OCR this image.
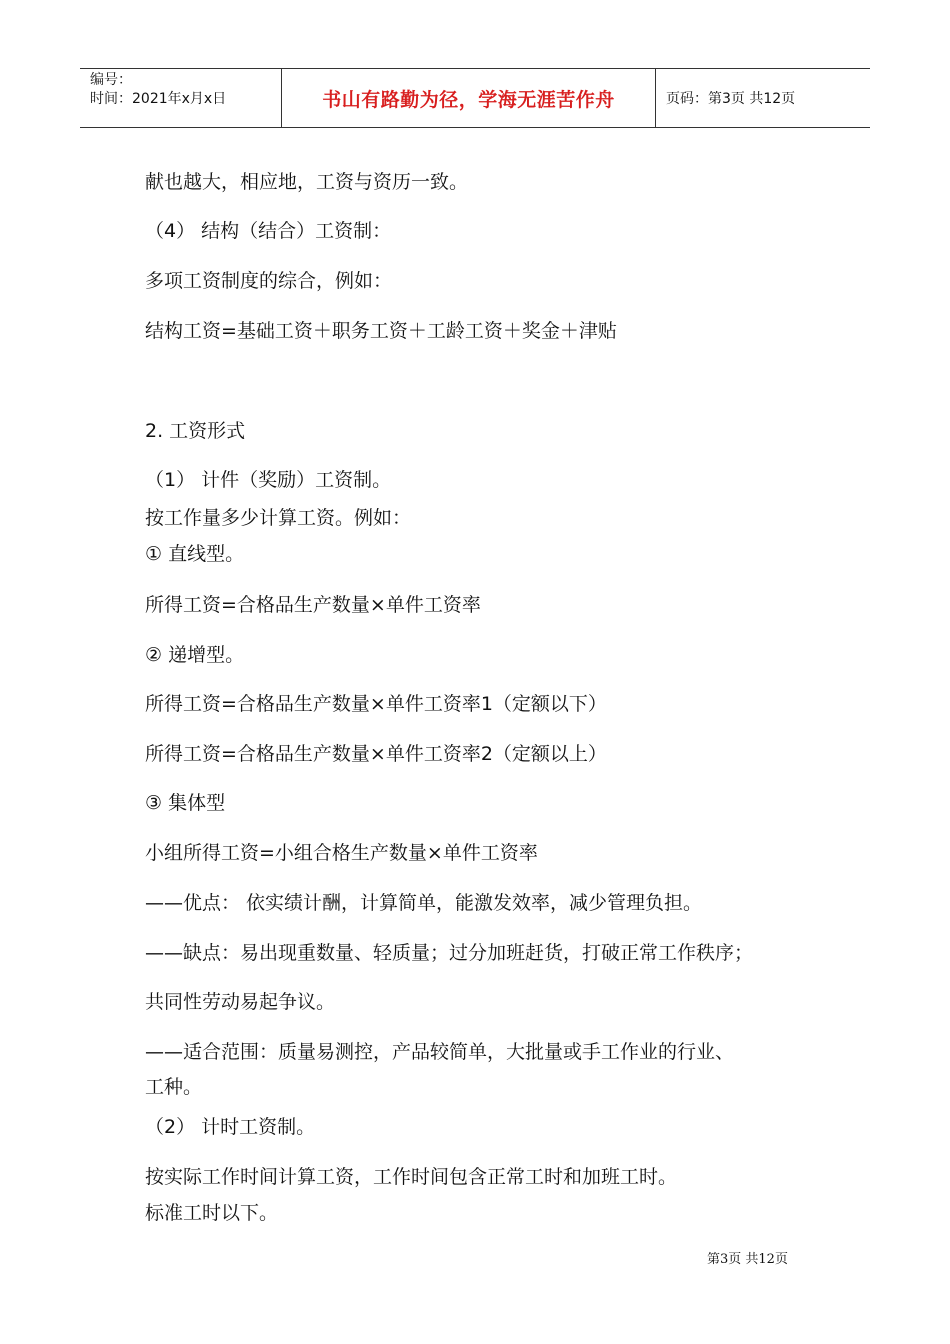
编号：
时间：2021年x月x日	书山有路勤为径，学海无涯苦作舟	页码：第3页 共12页
献也越大，相应地，工资与资历一致。
（4） 结构（结合）工资制：
多项工资制度的综合，例如：
结构工资=基础工资＋职务工资＋工龄工资＋奖金＋津贴
2. 工资形式
（1） 计件（奖励）工资制。
按工作量多少计算工资。例如：
① 直线型。
所得工资=合格品生产数量×单件工资率
② 递增型。
所得工资=合格品生产数量×单件工资率1（定额以下）
所得工资=合格品生产数量×单件工资率2（定额以上）
③ 集体型
小组所得工资=小组合格生产数量×单件工资率
——优点： 依实绩计酬，计算简单，能激发效率，减少管理负担。
——缺点：易出现重数量、轻质量；过分加班赶货，打破正常工作秩序；
共同性劳动易起争议。
——适合范围：质量易测控，产品较简单，大批量或手工作业的行业、
工种。
（2） 计时工资制。
按实际工作时间计算工资，工作时间包含正常工时和加班工时。
标准工时以下。
第3页 共12页
